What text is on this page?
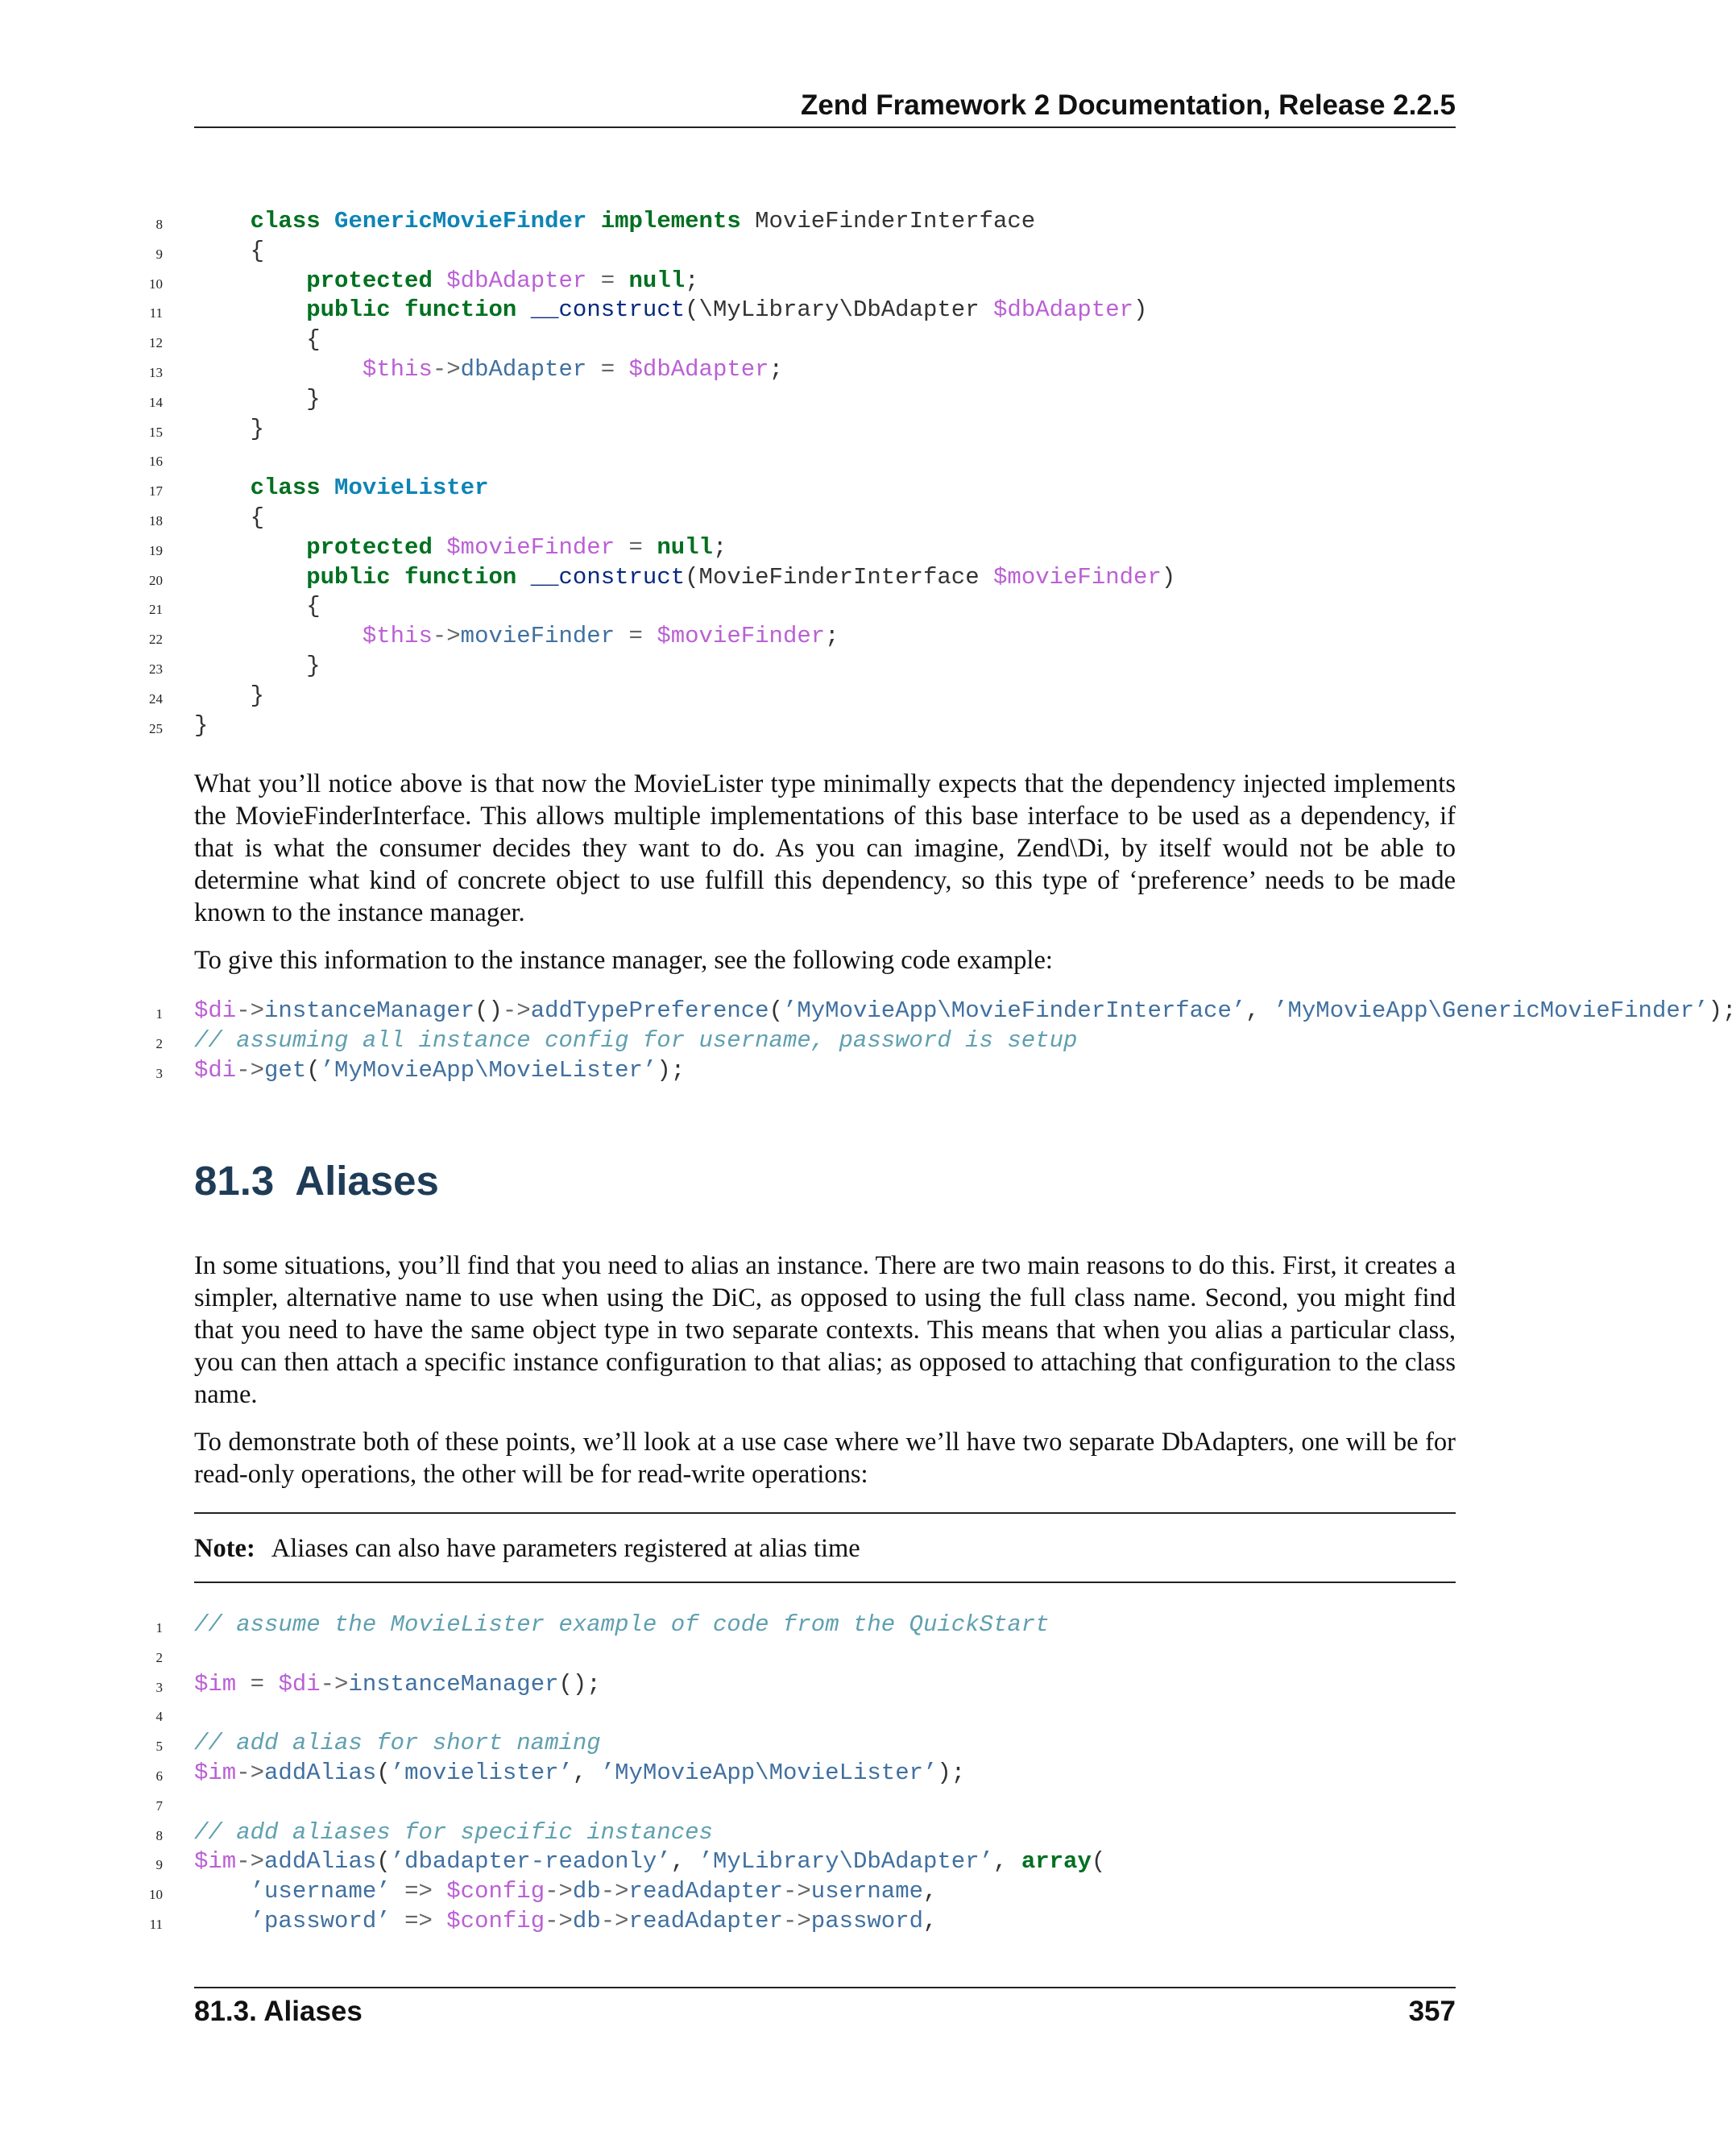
Zend Framework 2 Documentation, Release 2.2.5
8	class GenericMovieFinder implements MovieFinderInterface
9 {
10	protected $dbAdapter = null;
11	public function __construct(\MyLibrary\DbAdapter $dbAdapter)
12 {
13	$this->dbAdapter = $dbAdapter;
14 }
15 }
16
17	class MovieLister
18 {
19	protected $movieFinder = null;
20	public function __construct(MovieFinderInterface $movieFinder)
21 {
22	$this->movieFinder = $movieFinder;
23 }
24 }
25 }
What you’ll notice above is that now the MovieLister type minimally expects that the dependency injected implements the MovieFinderInterface. This allows multiple implementations of this base interface to be used as a dependency, if that is what the consumer decides they want to do. As you can imagine, Zend\Di, by itself would not be able to determine what kind of concrete object to use fulfill this dependency, so this type of ‘preference’ needs to be made known to the instance manager.
To give this information to the instance manager, see the following code example:
1 $di->instanceManager()->addTypePreference(’MyMovieApp\MovieFinderInterface’, ’MyMovieApp\GenericMovieFinder’);
2 // assuming all instance config for username, password is setup
3 $di->get(’MyMovieApp\MovieLister’);
81.3 Aliases
In some situations, you’ll find that you need to alias an instance. There are two main reasons to do this. First, it creates a simpler, alternative name to use when using the DiC, as opposed to using the full class name. Second, you might find that you need to have the same object type in two separate contexts. This means that when you alias a particular class, you can then attach a specific instance configuration to that alias; as opposed to attaching that configuration to the class name.
To demonstrate both of these points, we’ll look at a use case where we’ll have two separate DbAdapters, one will be for read-only operations, the other will be for read-write operations:
Note: Aliases can also have parameters registered at alias time
1 // assume the MovieLister example of code from the QuickStart
2
3 $im = $di->instanceManager();
4
5 // add alias for short naming
6 $im->addAlias(’movielister’, ’MyMovieApp\MovieLister’);
7
8 // add aliases for specific instances
9 $im->addAlias(’dbadapter-readonly’, ’MyLibrary\DbAdapter’, array(
10	’username’ => $config->db->readAdapter->username,
11	’password’ => $config->db->readAdapter->password,
81.3. Aliases	357
